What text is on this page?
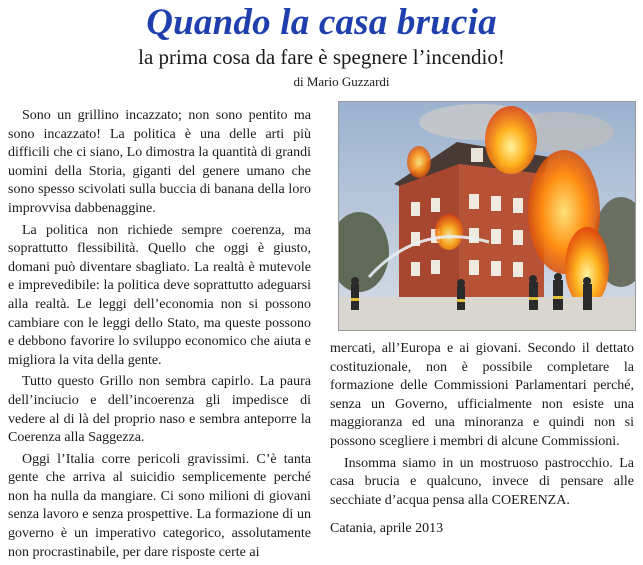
Quando la casa brucia
la prima cosa da fare è spegnere l’incendio!
di Mario Guzzardi

Sono un grillino incazzato; non sono pentito ma sono incazzato! La politica è una delle arti più difficili che ci siano, Lo dimostra la quantità di grandi uomini della Storia, giganti del genere umano che sono spesso scivolati sulla buccia di banana della loro improvvisa dabbenaggine.

La politica non richiede sempre coerenza, ma soprattutto flessibilità. Quello che oggi è giusto, domani può diventare sbagliato. La realtà è mutevole e imprevedibile: la politica deve soprattutto adeguarsi alla realtà. Le leggi dell’economia non si possono cambiare con le leggi dello Stato, ma queste possono e debbono favorire lo sviluppo economico che aiuta e migliora la vita della gente.

Tutto questo Grillo non sembra capirlo. La paura dell’inciucio e dell’incoerenza gli impedisce di vedere al di là del proprio naso e sembra anteporre la Coerenza alla Saggezza.

Oggi l’Italia corre pericoli gravissimi. C’è tanta gente che arriva al suicidio semplicemente perché non ha nulla da mangiare. Ci sono milioni di giovani senza lavoro e senza prospettive. La formazione di un governo è un imperativo categorico, assolutamente non procrastinabile, per dare risposte certe ai

mercati, all’Europa e ai giovani. Secondo il dettato costituzionale, non è possibile completare la formazione delle Commissioni Parlamentari perché, senza un Governo, ufficialmente non esiste una maggioranza ed una minoranza e quindi non si possono scegliere i membri di alcune Commissioni.

Insomma siamo in un mostruoso pastrocchio. La casa brucia e qualcuno, invece di pensare alle secchiate d’acqua pensa alla COERENZA.

Catania, aprile 2013
